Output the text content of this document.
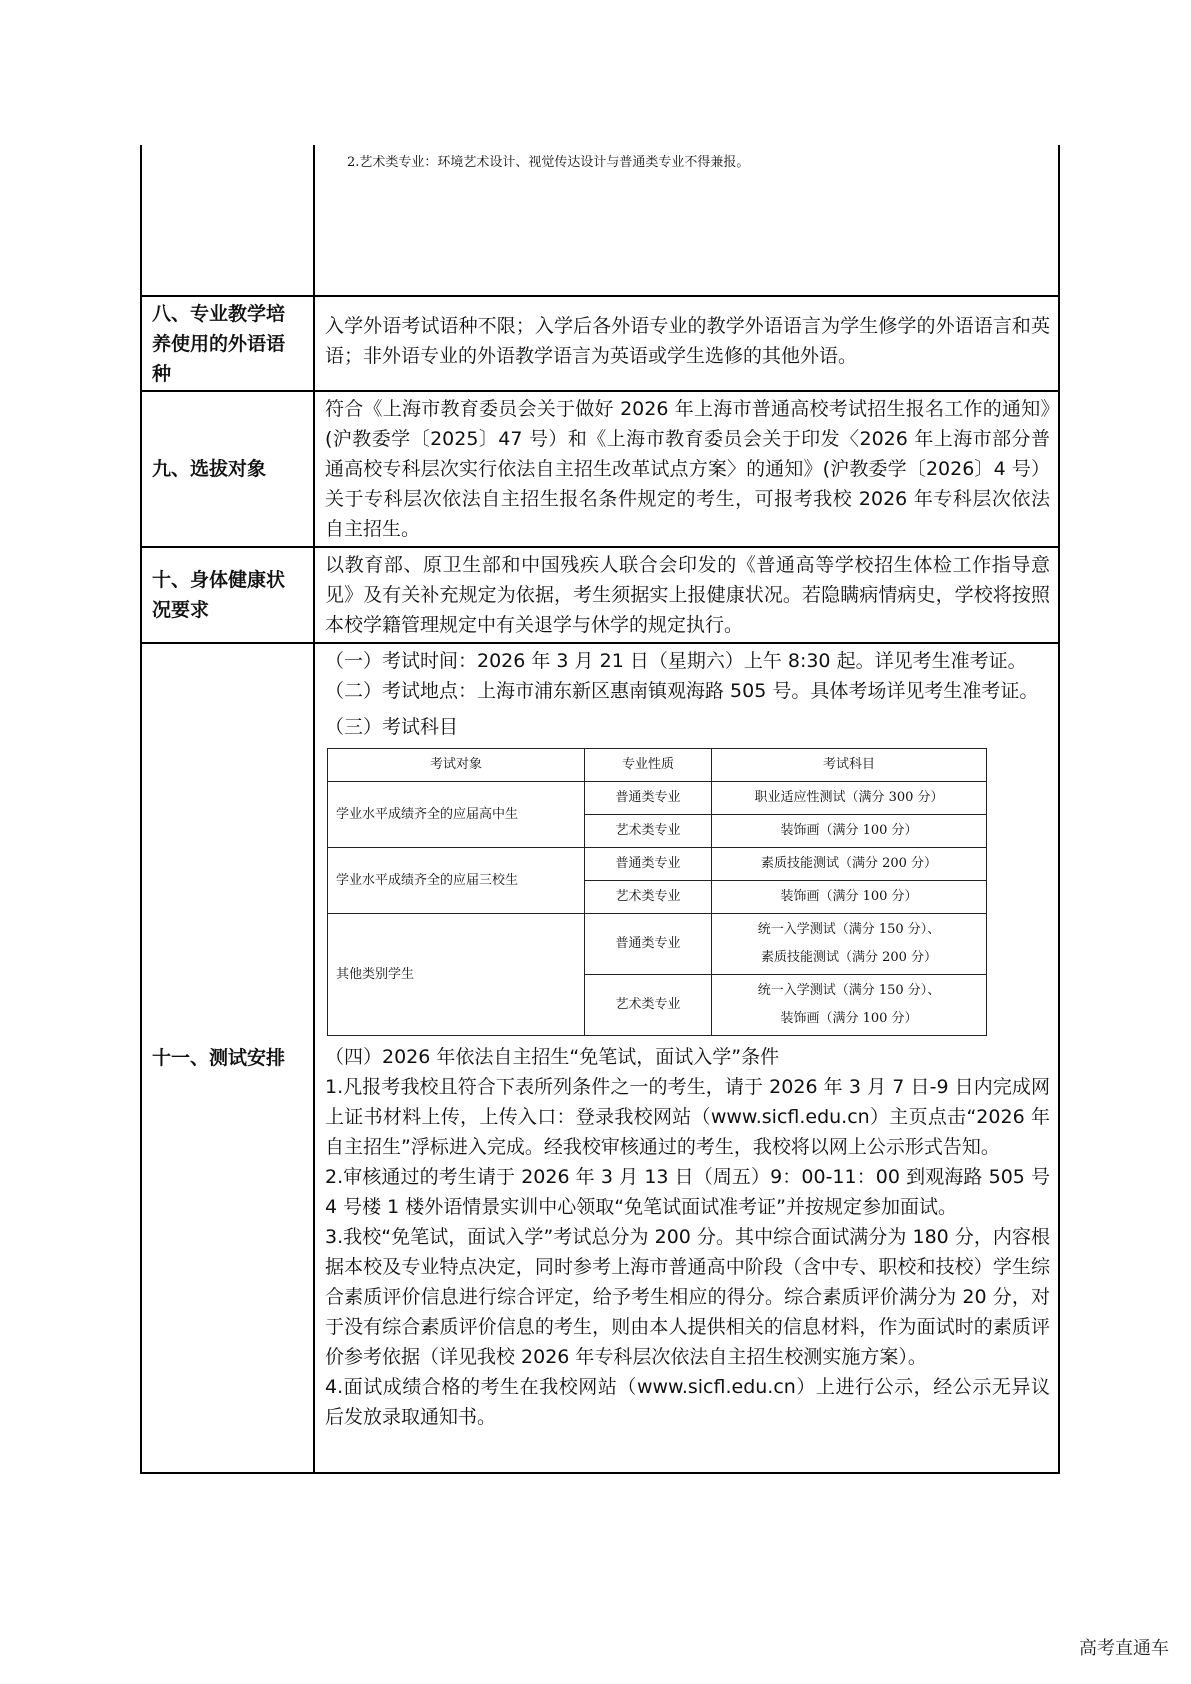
2.艺术类专业：环境艺术设计、视觉传达设计与普通类专业不得兼报。

八、专业教学培养使用的外语语种

入学外语考试语种不限；入学后各外语专业的教学外语语言为学生修学的外语语言和英语；非外语专业的外语教学语言为英语或学生选修的其他外语。

九、选拔对象

符合《上海市教育委员会关于做好 2026 年上海市普通高校考试招生报名工作的通知》(沪教委学〔2025〕47 号）和《上海市教育委员会关于印发〈2026 年上海市部分普通高校专科层次实行依法自主招生改革试点方案〉的通知》(沪教委学〔2026〕4 号）关于专科层次依法自主招生报名条件规定的考生，可报考我校 2026 年专科层次依法自主招生。

十、身体健康状况要求

以教育部、原卫生部和中国残疾人联合会印发的《普通高等学校招生体检工作指导意见》及有关补充规定为依据，考生须据实上报健康状况。若隐瞒病情病史，学校将按照本校学籍管理规定中有关退学与休学的规定执行。

十一、测试安排

（一）考试时间：2026 年 3 月 21 日（星期六）上午 8:30 起。详见考生准考证。

（二）考试地点：上海市浦东新区惠南镇观海路 505 号。具体考场详见考生准考证。

（三）考试科目

考试对象	专业性质	考试科目
学业水平成绩齐全的应届高中生	普通类专业	职业适应性测试（满分 300 分）
	艺术类专业	装饰画（满分 100 分）
学业水平成绩齐全的应届三校生	普通类专业	素质技能测试（满分 200 分）
	艺术类专业	装饰画（满分 100 分）
其他类别学生	普通类专业	统一入学测试（满分 150 分）、
素质技能测试（满分 200 分）

	艺术类专业	统一入学测试（满分 150 分）、
装饰画（满分 100 分）

（四）2026 年依法自主招生“免笔试，面试入学”条件

1.凡报考我校且符合下表所列条件之一的考生，请于 2026 年 3 月 7 日-9 日内完成网上证书材料上传，上传入口：登录我校网站（www.sicfl.edu.cn）主页点击“2026 年自主招生”浮标进入完成。经我校审核通过的考生，我校将以网上公示形式告知。

2.审核通过的考生请于 2026 年 3 月 13 日（周五）9：00-11：00 到观海路 505 号 4 号楼 1 楼外语情景实训中心领取“免笔试面试准考证”并按规定参加面试。

3.我校“免笔试，面试入学”考试总分为 200 分。其中综合面试满分为 180 分，内容根据本校及专业特点决定，同时参考上海市普通高中阶段（含中专、职校和技校）学生综合素质评价信息进行综合评定，给予考生相应的得分。综合素质评价满分为 20 分，对于没有综合素质评价信息的考生，则由本人提供相关的信息材料，作为面试时的素质评价参考依据（详见我校 2026 年专科层次依法自主招生校测实施方案）。

4.面试成绩合格的考生在我校网站（www.sicfl.edu.cn）上进行公示，经公示无异议后发放录取通知书。

高考直通车
